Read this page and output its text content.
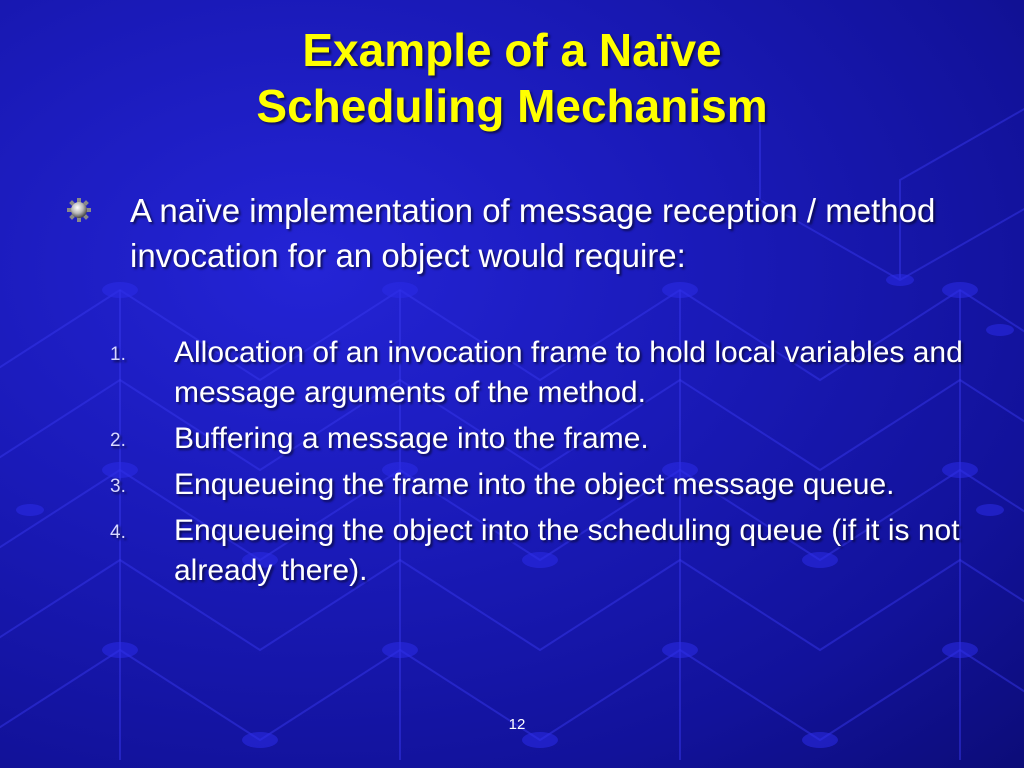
Example of a Naïve
Scheduling Mechanism
A naïve implementation of message reception / method invocation for an object would require:
1. Allocation of an invocation frame to hold local variables and message arguments of the method.
2. Buffering a message into the frame.
3. Enqueueing the frame into the object message queue.
4. Enqueueing the object into the scheduling queue (if it is not already there).
12
